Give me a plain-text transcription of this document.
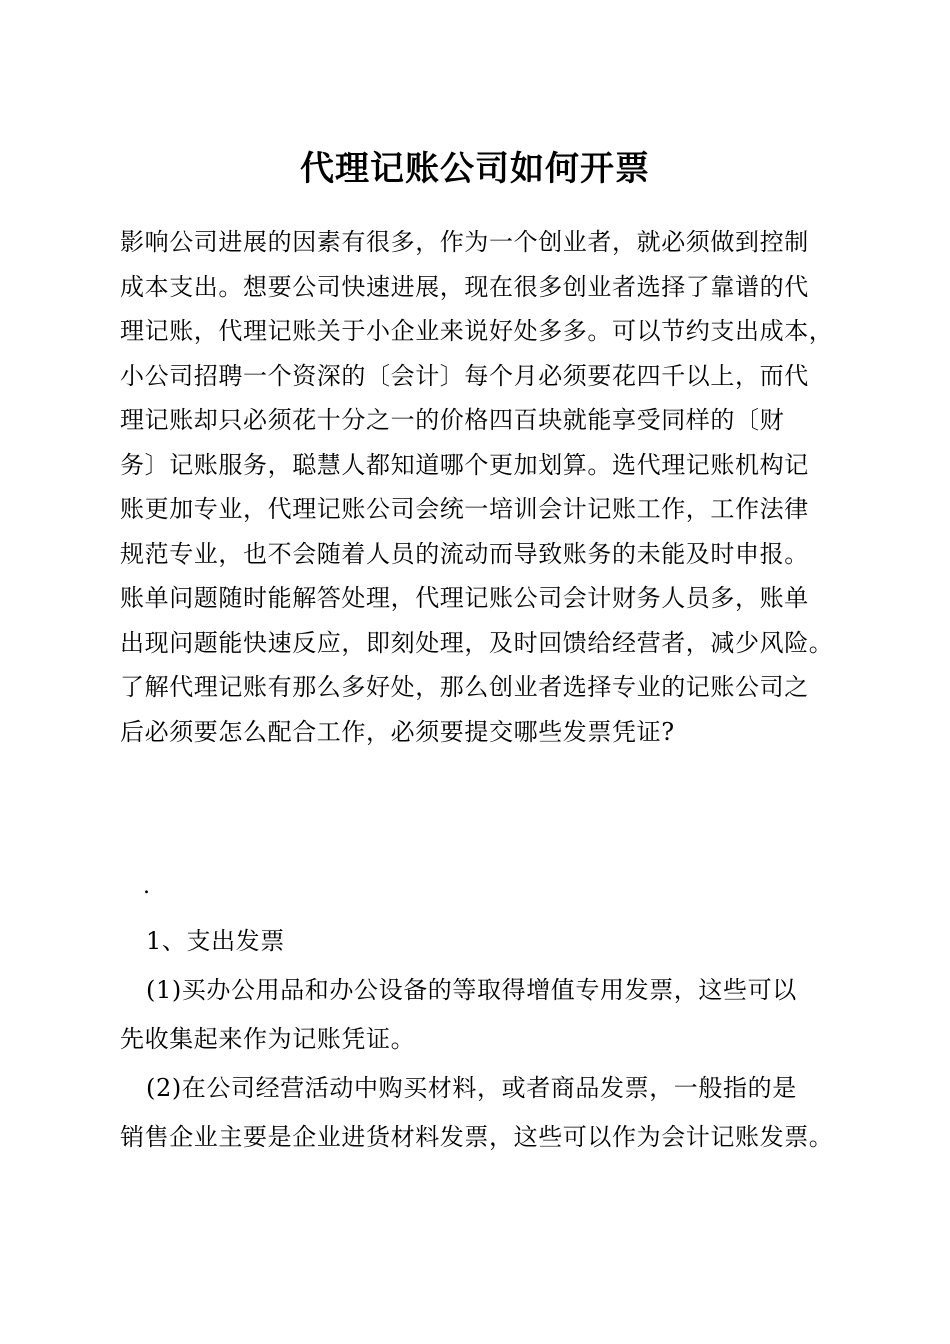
代理记账公司如何开票
影响公司进展的因素有很多，作为一个创业者，就必须做到控制
成本支出。想要公司快速进展，现在很多创业者选择了靠谱的代
理记账，代理记账关于小企业来说好处多多。可以节约支出成本，
小公司招聘一个资深的〔会计〕每个月必须要花四千以上，而代
理记账却只必须花十分之一的价格四百块就能享受同样的〔财
务〕记账服务，聪慧人都知道哪个更加划算。选代理记账机构记
账更加专业，代理记账公司会统一培训会计记账工作，工作法律
规范专业，也不会随着人员的流动而导致账务的未能及时申报。
账单问题随时能解答处理，代理记账公司会计财务人员多，账单
出现问题能快速反应，即刻处理，及时回馈给经营者，减少风险。
了解代理记账有那么多好处，那么创业者选择专业的记账公司之
后必须要怎么配合工作，必须要提交哪些发票凭证?
.
1、支出发票
(1)买办公用品和办公设备的等取得增值专用发票，这些可以
先收集起来作为记账凭证。
(2)在公司经营活动中购买材料，或者商品发票，一般指的是
销售企业主要是企业进货材料发票，这些可以作为会计记账发票。
